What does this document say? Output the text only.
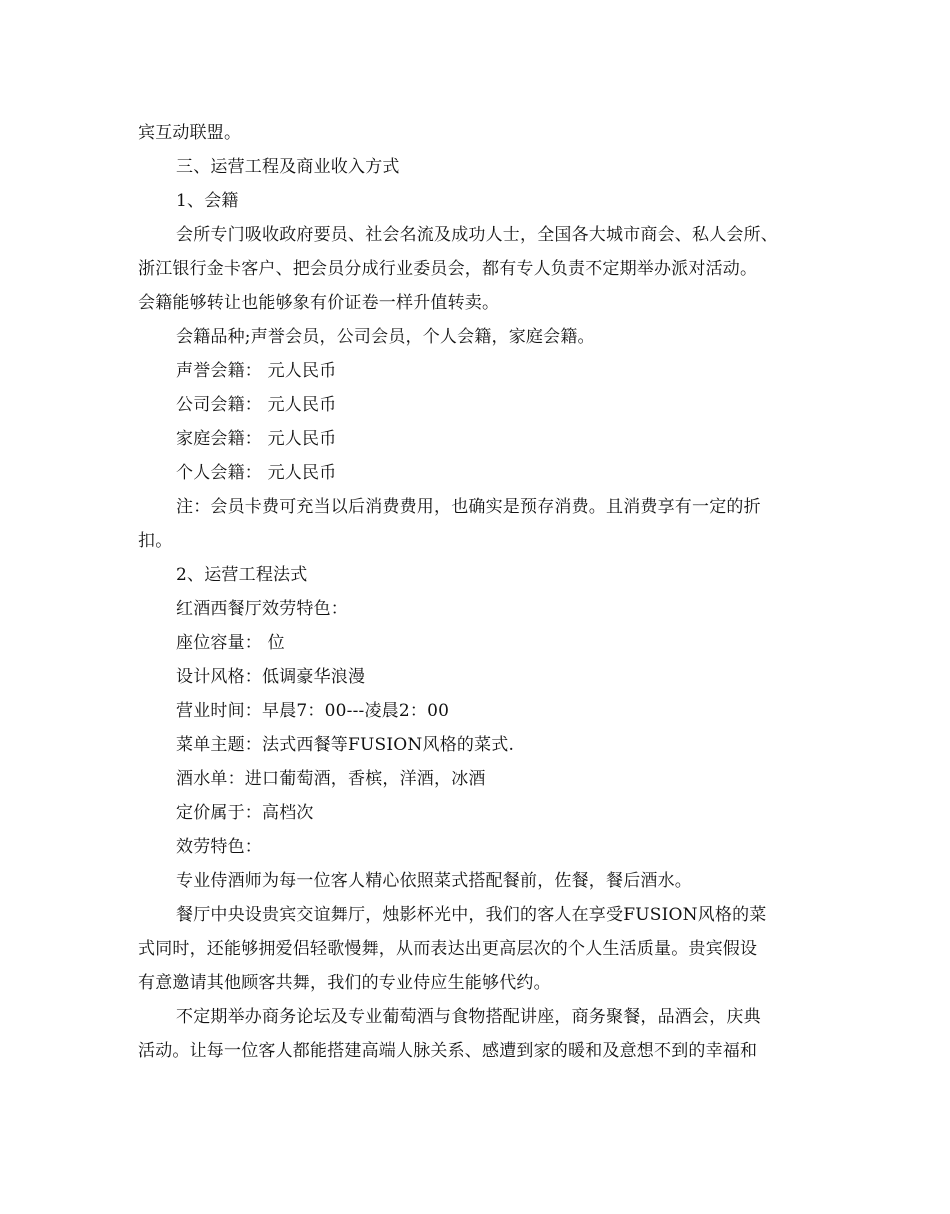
宾互动联盟。
三、运营工程及商业收入方式
1、会籍
会所专门吸收政府要员、社会名流及成功人士，全国各大城市商会、私人会所、
浙江银行金卡客户、把会员分成行业委员会，都有专人负责不定期举办派对活动。
会籍能够转让也能够象有价证卷一样升值转卖。
会籍品种;声誉会员，公司会员，个人会籍，家庭会籍。
声誉会籍： 元人民币
公司会籍： 元人民币
家庭会籍： 元人民币
个人会籍： 元人民币
注：会员卡费可充当以后消费费用，也确实是预存消费。且消费享有一定的折
扣。
2、运营工程法式
红酒西餐厅效劳特色：
座位容量： 位
设计风格：低调豪华浪漫
营业时间：早晨7：00---凌晨2：00
菜单主题：法式西餐等FUSION风格的菜式.
酒水单：进口葡萄酒，香槟，洋酒，冰酒
定价属于：高档次
效劳特色：
专业侍酒师为每一位客人精心依照菜式搭配餐前，佐餐，餐后酒水。
餐厅中央设贵宾交谊舞厅，烛影杯光中，我们的客人在享受FUSION风格的菜
式同时，还能够拥爱侣轻歌慢舞，从而表达出更高层次的个人生活质量。贵宾假设
有意邀请其他顾客共舞，我们的专业侍应生能够代约。
不定期举办商务论坛及专业葡萄酒与食物搭配讲座，商务聚餐，品酒会，庆典
活动。让每一位客人都能搭建高端人脉关系、感遭到家的暖和及意想不到的幸福和
